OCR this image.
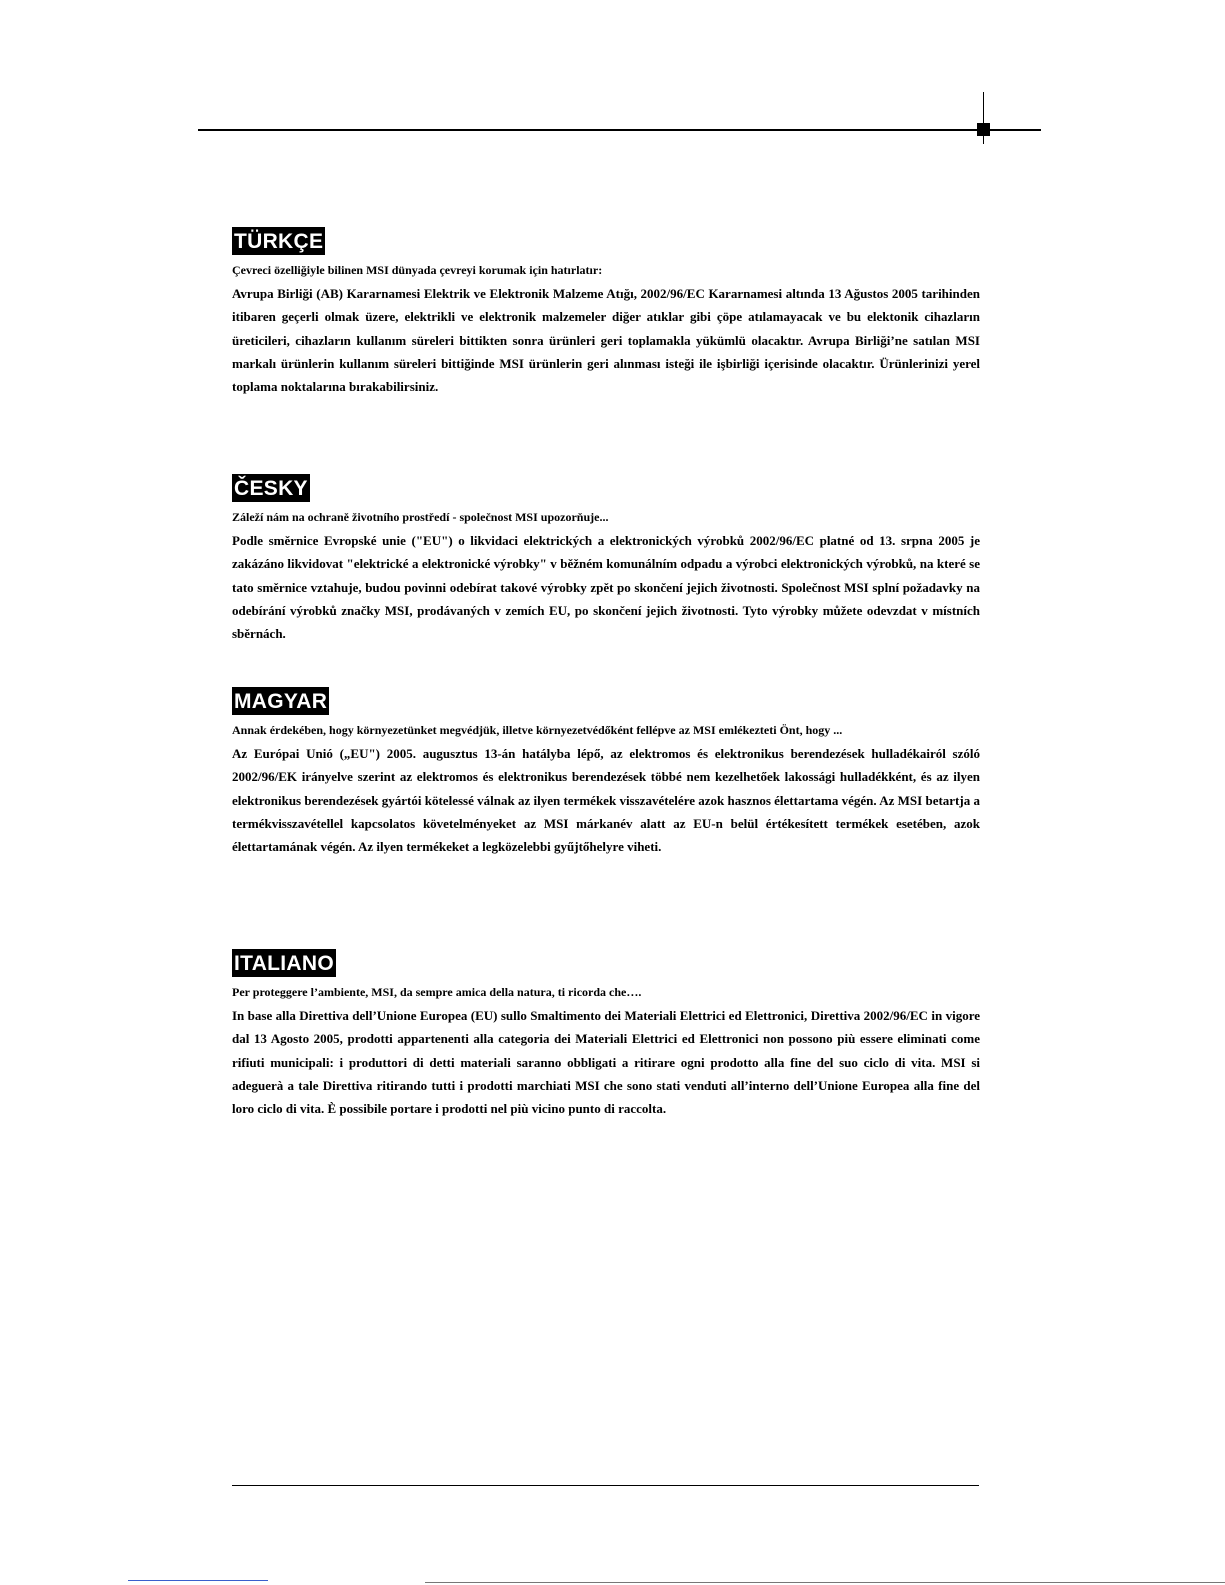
TÜRKÇE

Çevreci özelliğiyle bilinen MSI dünyada çevreyi korumak için hatırlatır:

Avrupa Birliği (AB) Kararnamesi Elektrik ve Elektronik Malzeme Atığı, 2002/96/EC Kararnamesi altında 13 Ağustos 2005 tarihinden itibaren geçerli olmak üzere, elektrikli ve elektronik malzemeler diğer atıklar gibi çöpe atılamayacak ve bu elektonik cihazların üreticileri, cihazların kullanım süreleri bittikten sonra ürünleri geri toplamakla yükümlü olacaktır. Avrupa Birliği’ne satılan MSI markalı ürünlerin kullanım süreleri bittiğinde MSI ürünlerin geri alınması isteği ile işbirliği içerisinde olacaktır. Ürünlerinizi yerel toplama noktalarına bırakabilirsiniz.

ČESKY

Záleží nám na ochraně životního prostředí - společnost MSI upozorňuje...

Podle směrnice Evropské unie ("EU") o likvidaci elektrických a elektronických výrobků 2002/96/EC platné od 13. srpna 2005 je zakázáno likvidovat "elektrické a elektronické výrobky" v běžném komunálním odpadu a výrobci elektronických výrobků, na které se tato směrnice vztahuje, budou povinni odebírat takové výrobky zpět po skončení jejich životnosti. Společnost MSI splní požadavky na odebírání výrobků značky MSI, prodávaných v zemích EU, po skončení jejich životnosti. Tyto výrobky můžete odevzdat v místních sběrnách.

MAGYAR

Annak érdekében, hogy környezetünket megvédjük, illetve környezetvédőként fellépve az MSI emlékezteti Önt, hogy ...

Az Európai Unió („EU") 2005. augusztus 13-án hatályba lépő, az elektromos és elektronikus berendezések hulladékairól szóló 2002/96/EK irányelve szerint az elektromos és elektronikus berendezések többé nem kezelhetőek lakossági hulladékként, és az ilyen elektronikus berendezések gyártói kötelessé válnak az ilyen termékek visszavételére azok hasznos élettartama végén. Az MSI betartja a termékvisszavétellel kapcsolatos követelményeket az MSI márkanév alatt az EU-n belül értékesített termékek esetében, azok élettartamának végén. Az ilyen termékeket a legközelebbi gyűjtőhelyre viheti.

ITALIANO

Per proteggere l’ambiente, MSI, da sempre amica della natura, ti ricorda che….

In base alla Direttiva dell’Unione Europea (EU) sullo Smaltimento dei Materiali Elettrici ed Elettronici, Direttiva 2002/96/EC in vigore dal 13 Agosto 2005, prodotti appartenenti alla categoria dei Materiali Elettrici ed Elettronici non possono più essere eliminati come rifiuti municipali: i produttori di detti materiali saranno obbligati a ritirare ogni prodotto alla fine del suo ciclo di vita. MSI si adeguerà a tale Direttiva ritirando tutti i prodotti marchiati MSI che sono stati venduti all’interno dell’Unione Europea alla fine del loro ciclo di vita. È possibile portare i prodotti nel più vicino punto di raccolta.
